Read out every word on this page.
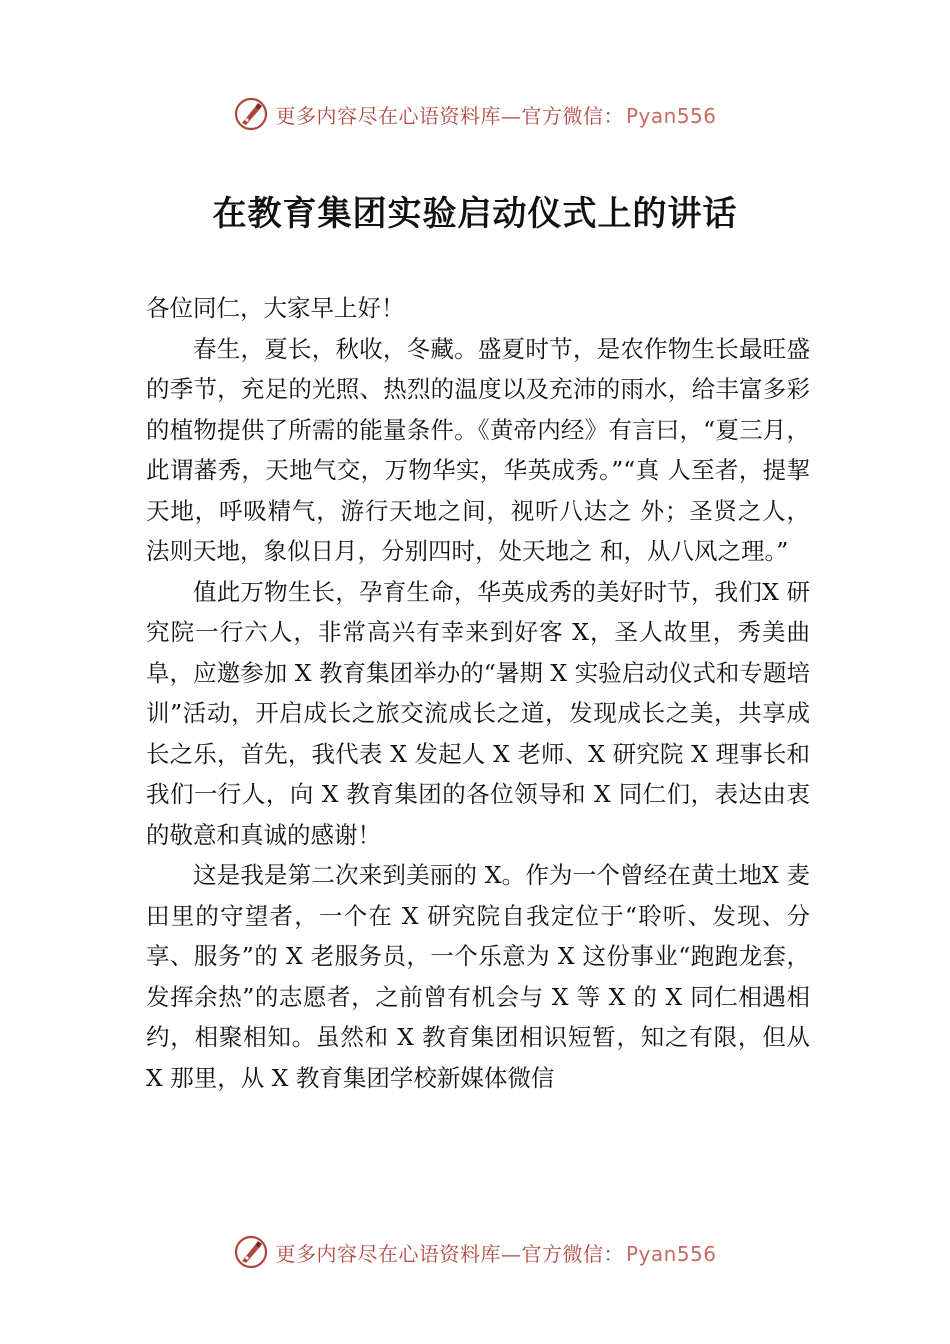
更多内容尽在心语资料库—官方微信： Pyan556
在教育集团实验启动仪式上的讲话

各位同仁，大家早上好！

春生，夏长，秋收，冬藏。盛夏时节，是农作物生长最旺盛的季节，充足的光照、热烈的温度以及充沛的雨水，给丰富多彩的植物提供了所需的能量条件。《黄帝内经》有言曰，“夏三月，此谓蕃秀，天地气交，万物华实，华英成秀。”“真 人至者，提挈天地，呼吸精气，游行天地之间，视听八达之 外；圣贤之人，法则天地，象似日月，分别四时，处天地之 和，从八风之理。”

值此万物生长，孕育生命，华英成秀的美好时节，我们X 研究院一行六人，非常高兴有幸来到好客 X，圣人故里，秀美曲阜，应邀参加 X 教育集团举办的“暑期 X 实验启动仪式和专题培训”活动，开启成长之旅交流成长之道，发现成长之美，共享成长之乐，首先，我代表 X 发起人 X 老师、X 研究院 X 理事长和我们一行人，向 X 教育集团的各位领导和 X 同仁们，表达由衷的敬意和真诚的感谢！

这是我是第二次来到美丽的 X。作为一个曾经在黄土地X 麦田里的守望者，一个在 X 研究院自我定位于“聆听、发现、分享、服务”的 X 老服务员，一个乐意为 X 这份事业“跑跑龙套，发挥余热”的志愿者，之前曾有机会与 X 等 X 的 X 同仁相遇相约，相聚相知。虽然和 X 教育集团相识短暂，知之有限，但从 X 那里，从 X 教育集团学校新媒体微信

更多内容尽在心语资料库—官方微信： Pyan556
